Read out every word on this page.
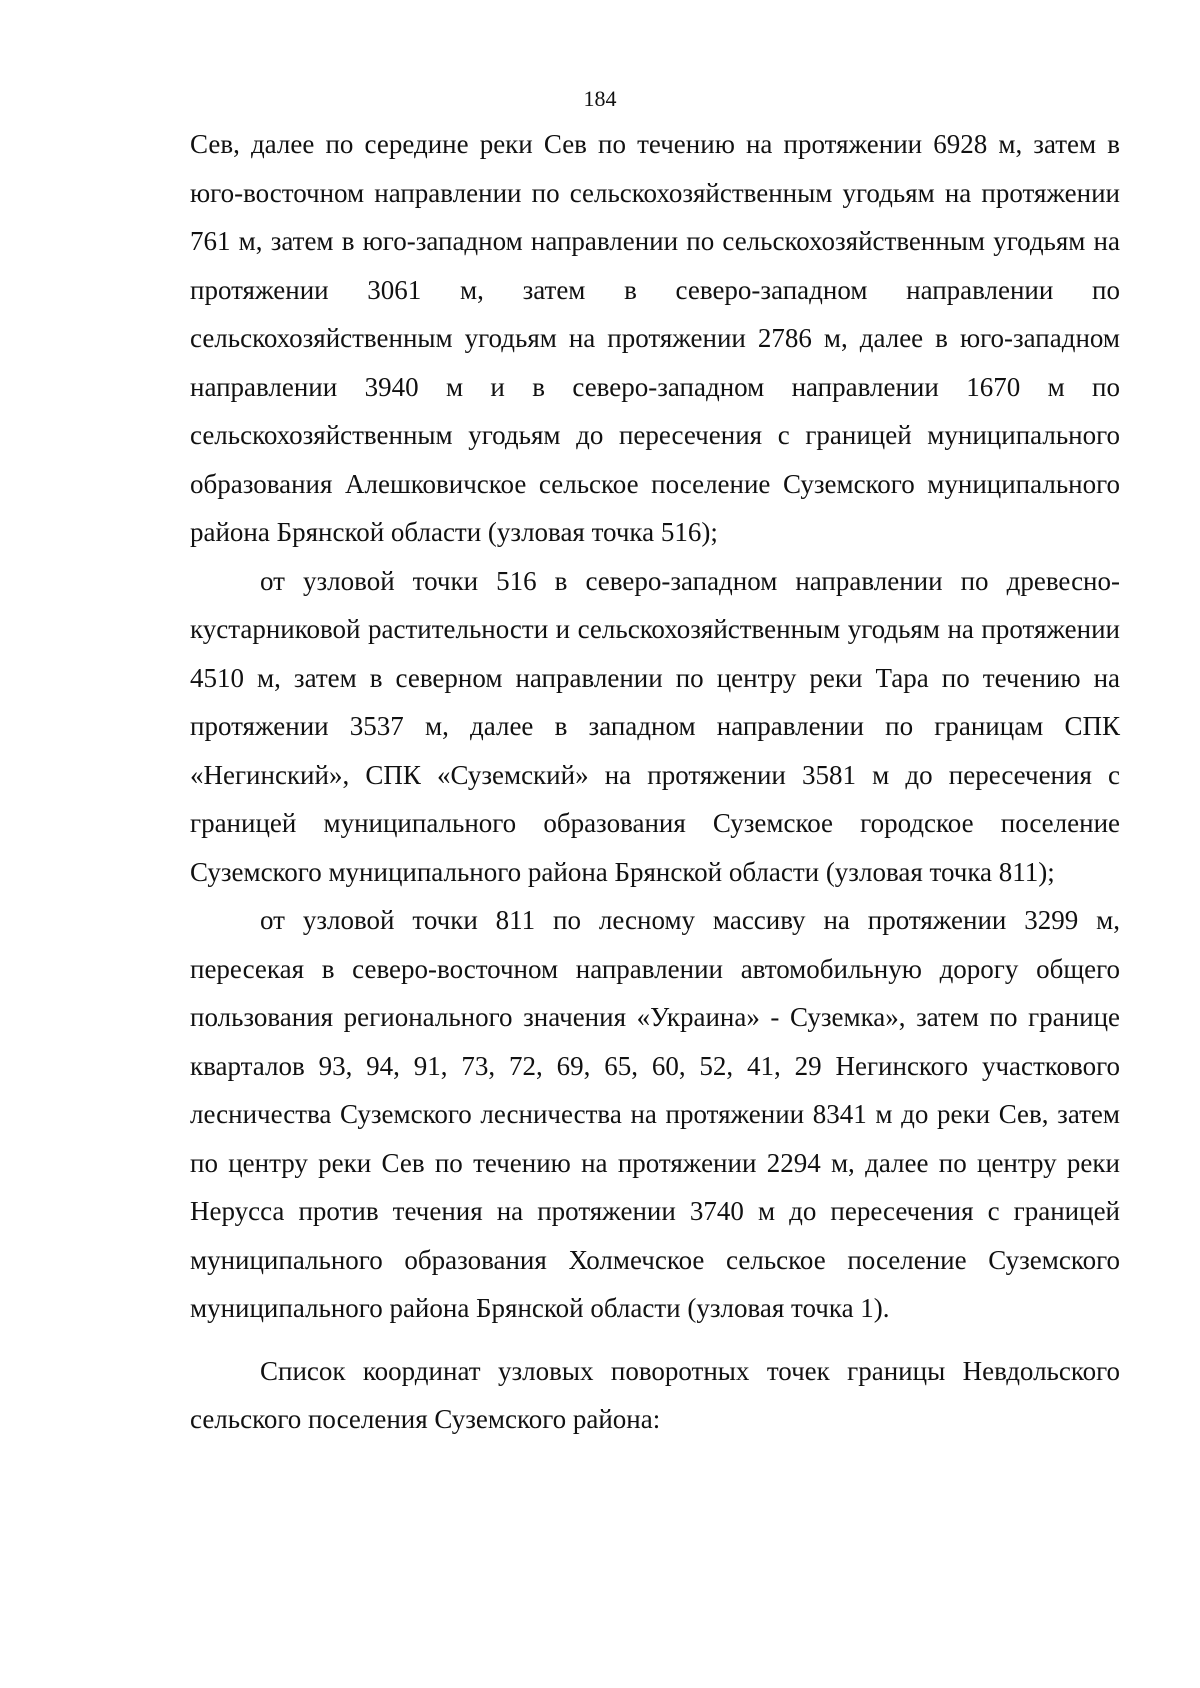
184

Сев, далее по середине реки Сев по течению на протяжении 6928 м, затем в юго-восточном направлении по сельскохозяйственным угодьям на протяжении 761 м, затем в юго-западном направлении по сельскохозяйственным угодьям на протяжении 3061 м, затем в северо-западном направлении по сельскохозяйственным угодьям на протяжении 2786 м, далее в юго-западном направлении 3940 м и в северо-западном направлении 1670 м по сельскохозяйственным угодьям до пересечения с границей муниципального образования Алешковичское сельское поселение Суземского муниципального района Брянской области (узловая точка 516);

от узловой точки 516 в северо-западном направлении по древесно-кустарниковой растительности и сельскохозяйственным угодьям на протяжении 4510 м, затем в северном направлении по центру реки Тара по течению на протяжении 3537 м, далее в западном направлении по границам СПК «Негинский», СПК «Суземский» на протяжении 3581 м до пересечения с границей муниципального образования Суземское городское поселение Суземского муниципального района Брянской области (узловая точка 811);

от узловой точки 811 по лесному массиву на протяжении 3299 м, пересекая в северо-восточном направлении автомобильную дорогу общего пользования регионального значения «Украина» - Суземка», затем по границе кварталов 93, 94, 91, 73, 72, 69, 65, 60, 52, 41, 29 Негинского участкового лесничества Суземского лесничества на протяжении 8341 м до реки Сев, затем по центру реки Сев по течению на протяжении 2294 м, далее по центру реки Нерусса против течения на протяжении 3740 м до пересечения с границей муниципального образования Холмечское сельское поселение Суземского муниципального района Брянской области (узловая точка 1).

Список координат узловых поворотных точек границы Невдольского сельского поселения Суземского района:
